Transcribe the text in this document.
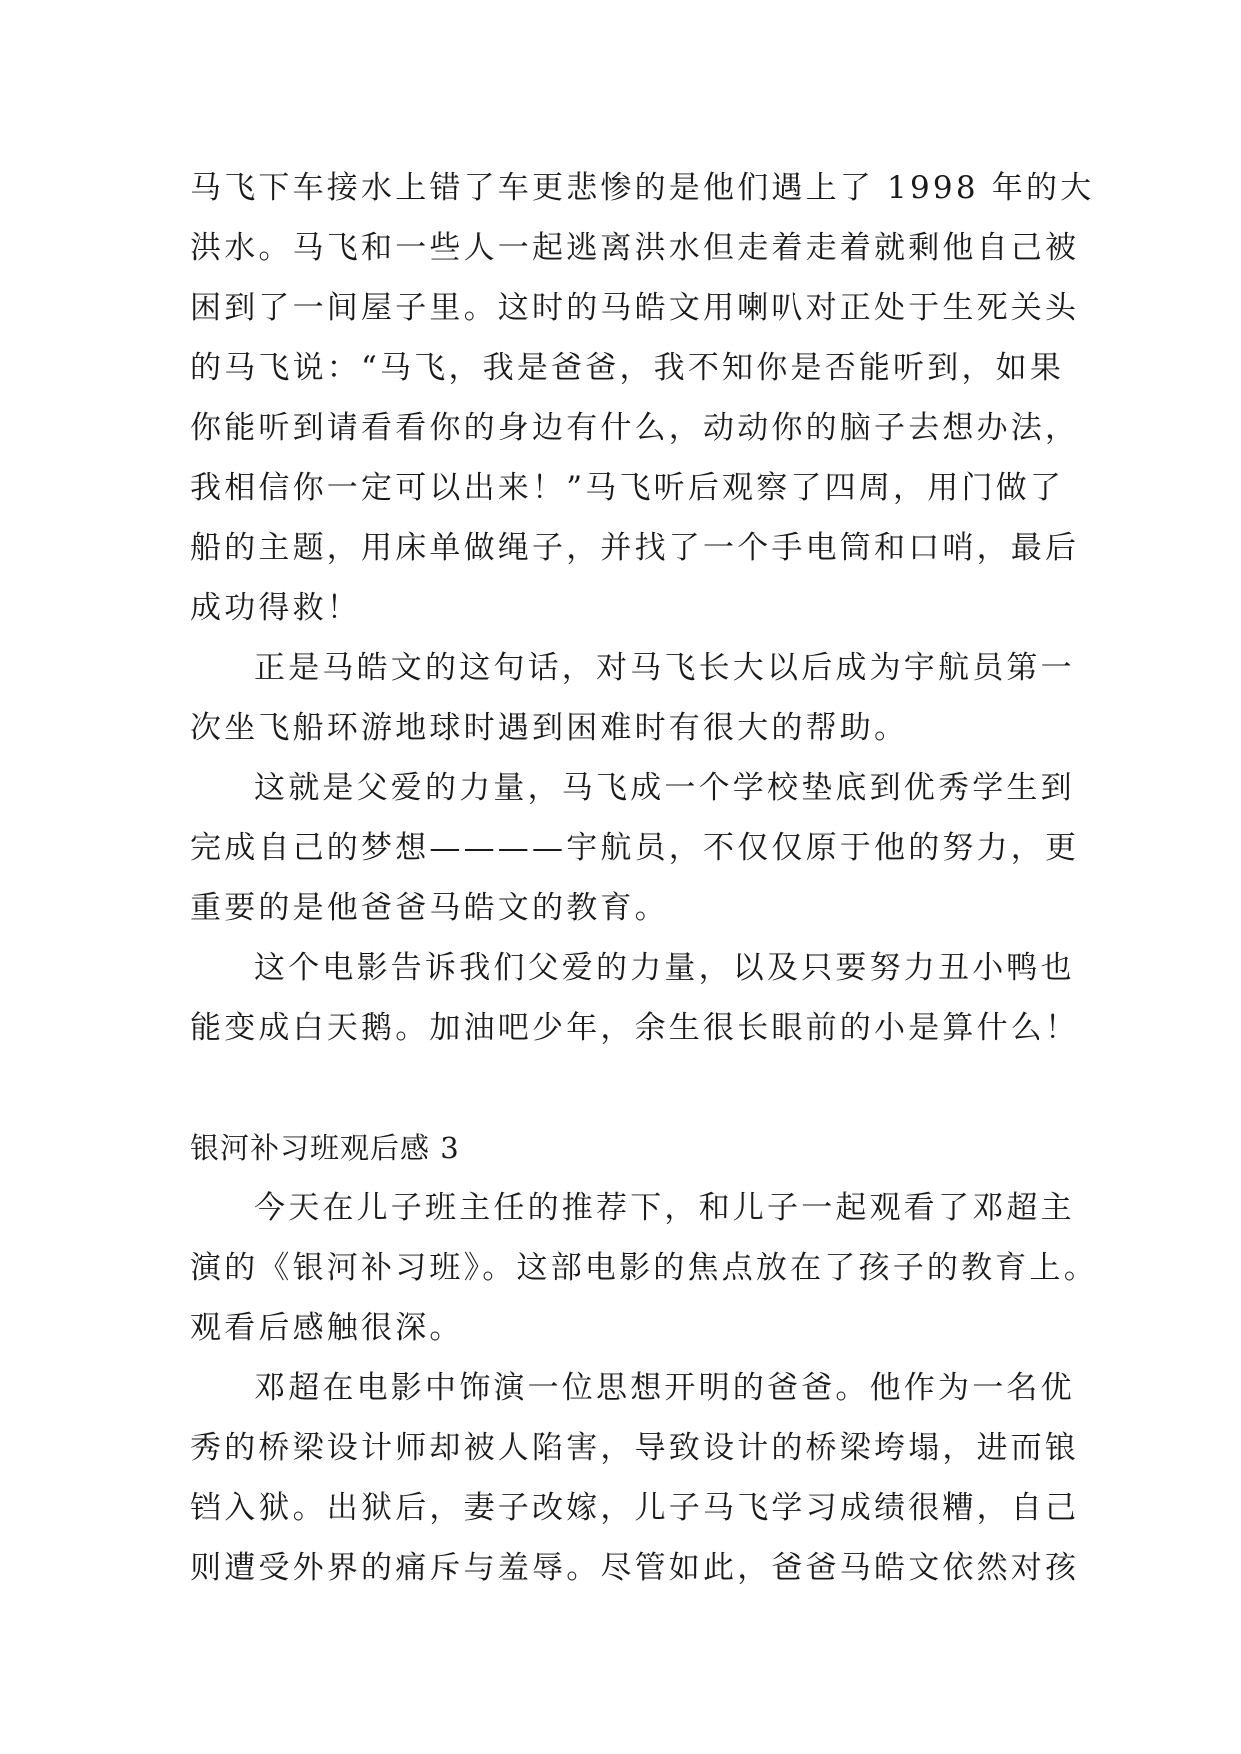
马飞下车接水上错了车更悲惨的是他们遇上了 1998 年的大
洪水。马飞和一些人一起逃离洪水但走着走着就剩他自己被
困到了一间屋子里。这时的马皓文用喇叭对正处于生死关头
的马飞说：“马飞，我是爸爸，我不知你是否能听到，如果
你能听到请看看你的身边有什么，动动你的脑子去想办法，
我相信你一定可以出来！”马飞听后观察了四周，用门做了
船的主题，用床单做绳子，并找了一个手电筒和口哨，最后
成功得救！
正是马皓文的这句话，对马飞长大以后成为宇航员第一
次坐飞船环游地球时遇到困难时有很大的帮助。
这就是父爱的力量，马飞成一个学校垫底到优秀学生到
完成自己的梦想————宇航员，不仅仅原于他的努力，更
重要的是他爸爸马皓文的教育。
这个电影告诉我们父爱的力量，以及只要努力丑小鸭也
能变成白天鹅。加油吧少年，余生很长眼前的小是算什么！
银河补习班观后感 3
今天在儿子班主任的推荐下，和儿子一起观看了邓超主
演的《银河补习班》。这部电影的焦点放在了孩子的教育上。
观看后感触很深。
邓超在电影中饰演一位思想开明的爸爸。他作为一名优
秀的桥梁设计师却被人陷害，导致设计的桥梁垮塌，进而锒
铛入狱。出狱后，妻子改嫁，儿子马飞学习成绩很糟，自己
则遭受外界的痛斥与羞辱。尽管如此，爸爸马皓文依然对孩
